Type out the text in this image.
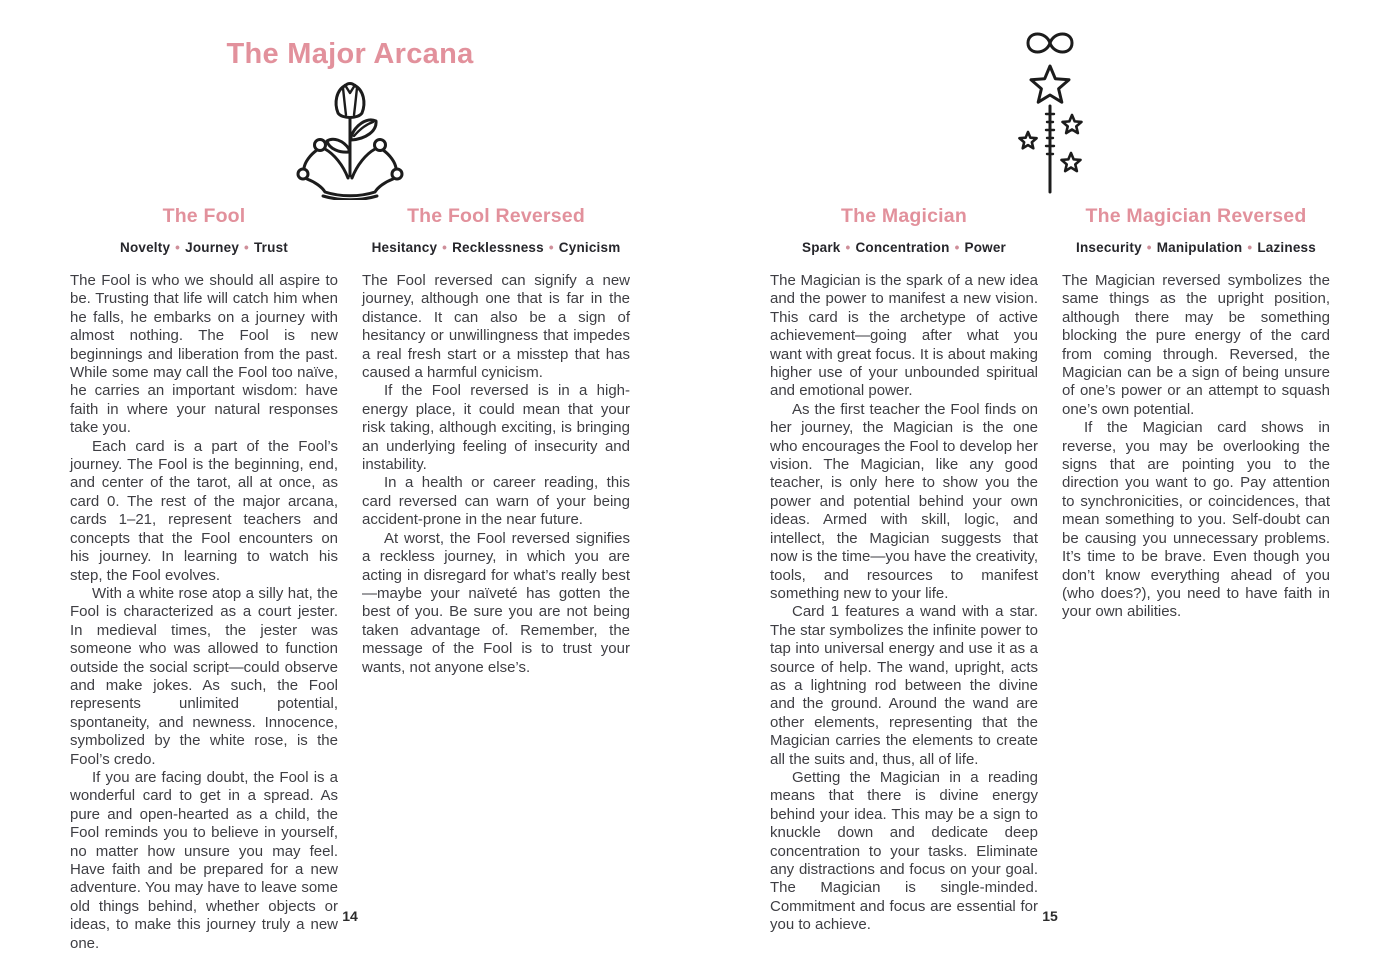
The Major Arcana
The Fool
Novelty • Journey • Trust

The Fool is who we should all aspire to be. Trusting that life will catch him when he falls, he embarks on a journey with almost nothing. The Fool is new beginnings and liberation from the past. While some may call the Fool too naïve, he carries an important wisdom: have faith in where your natural responses take you.

Each card is a part of the Fool’s journey. The Fool is the beginning, end, and center of the tarot, all at once, as card 0. The rest of the major arcana, cards 1–21, represent teachers and concepts that the Fool encounters on his journey. In learning to watch his step, the Fool evolves.

With a white rose atop a silly hat, the Fool is characterized as a court jester. In medieval times, the jester was someone who was allowed to function outside the social script—could observe and make jokes. As such, the Fool represents unlimited potential, spontaneity, and newness. Innocence, symbolized by the white rose, is the Fool’s credo.

If you are facing doubt, the Fool is a wonderful card to get in a spread. As pure and open-hearted as a child, the Fool reminds you to believe in yourself, no matter how unsure you may feel. Have faith and be prepared for a new adventure. You may have to leave some old things behind, whether objects or ideas, to make this journey truly a new one.

The Fool Reversed
Hesitancy • Recklessness • Cynicism

The Fool reversed can signify a new journey, although one that is far in the distance. It can also be a sign of hesitancy or unwillingness that impedes a real fresh start or a misstep that has caused a harmful cynicism.

If the Fool reversed is in a high-energy place, it could mean that your risk taking, although exciting, is bringing an underlying feeling of insecurity and instability.

In a health or career reading, this card reversed can warn of your being accident-prone in the near future.

At worst, the Fool reversed signifies a reckless journey, in which you are acting in disregard for what’s really best—maybe your naïveté has gotten the best of you. Be sure you are not being taken advantage of. Remember, the message of the Fool is to trust your wants, not anyone else’s.

14
The Magician
Spark • Concentration • Power

The Magician is the spark of a new idea and the power to manifest a new vision. This card is the archetype of active achievement—going after what you want with great focus. It is about making higher use of your unbounded spiritual and emotional power.

As the first teacher the Fool finds on her journey, the Magician is the one who encourages the Fool to develop her vision. The Magician, like any good teacher, is only here to show you the power and potential behind your own ideas. Armed with skill, logic, and intellect, the Magician suggests that now is the time—you have the creativity, tools, and resources to manifest something new to your life.

Card 1 features a wand with a star. The star symbolizes the infinite power to tap into universal energy and use it as a source of help. The wand, upright, acts as a lightning rod between the divine and the ground. Around the wand are other elements, representing that the Magician carries the elements to create all the suits and, thus, all of life.

Getting the Magician in a reading means that there is divine energy behind your idea. This may be a sign to knuckle down and dedicate deep concentration to your tasks. Eliminate any distractions and focus on your goal. The Magician is single-minded. Commitment and focus are essential for you to achieve.

The Magician Reversed
Insecurity • Manipulation • Laziness

The Magician reversed symbolizes the same things as the upright position, although there may be something blocking the pure energy of the card from coming through. Reversed, the Magician can be a sign of being unsure of one’s power or an attempt to squash one’s own potential.

If the Magician card shows in reverse, you may be overlooking the signs that are pointing you to the direction you want to go. Pay attention to synchronicities, or coincidences, that mean something to you. Self-doubt can be causing you unnecessary problems. It’s time to be brave. Even though you don’t know everything ahead of you (who does?), you need to have faith in your own abilities.

15
